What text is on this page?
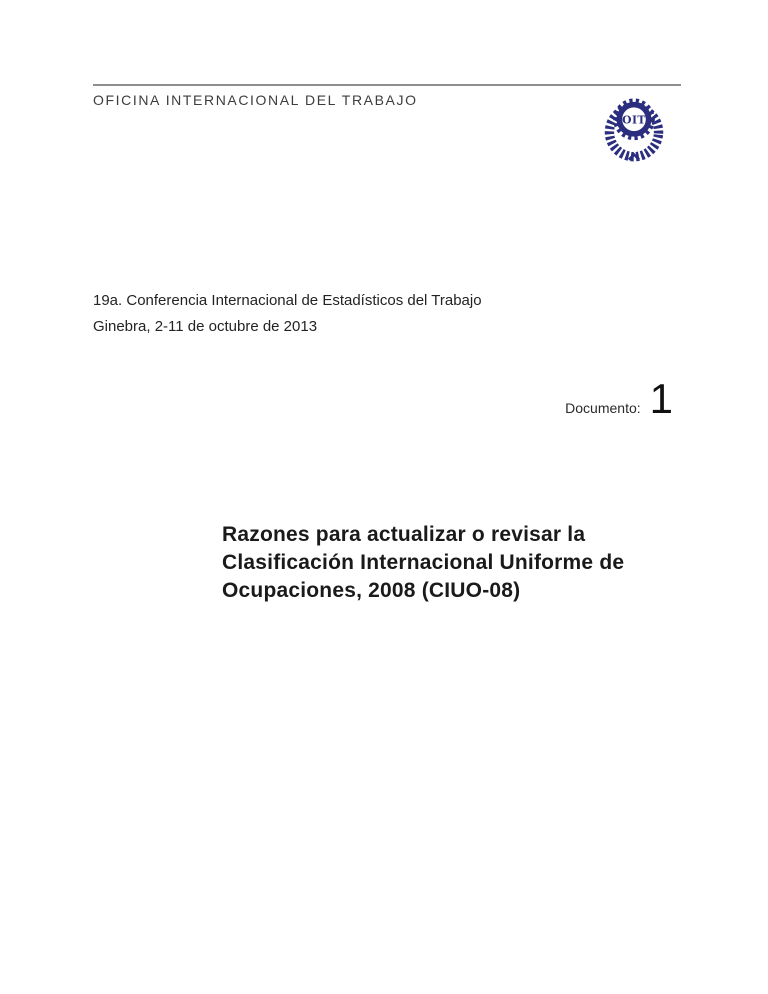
OFICINA INTERNACIONAL DEL TRABAJO
OIT
19a. Conferencia Internacional de Estadísticos del Trabajo
Ginebra, 2-11 de octubre de 2013
Documento: 1
Razones para actualizar o revisar la
Clasificación Internacional Uniforme de
Ocupaciones, 2008 (CIUO-08)
